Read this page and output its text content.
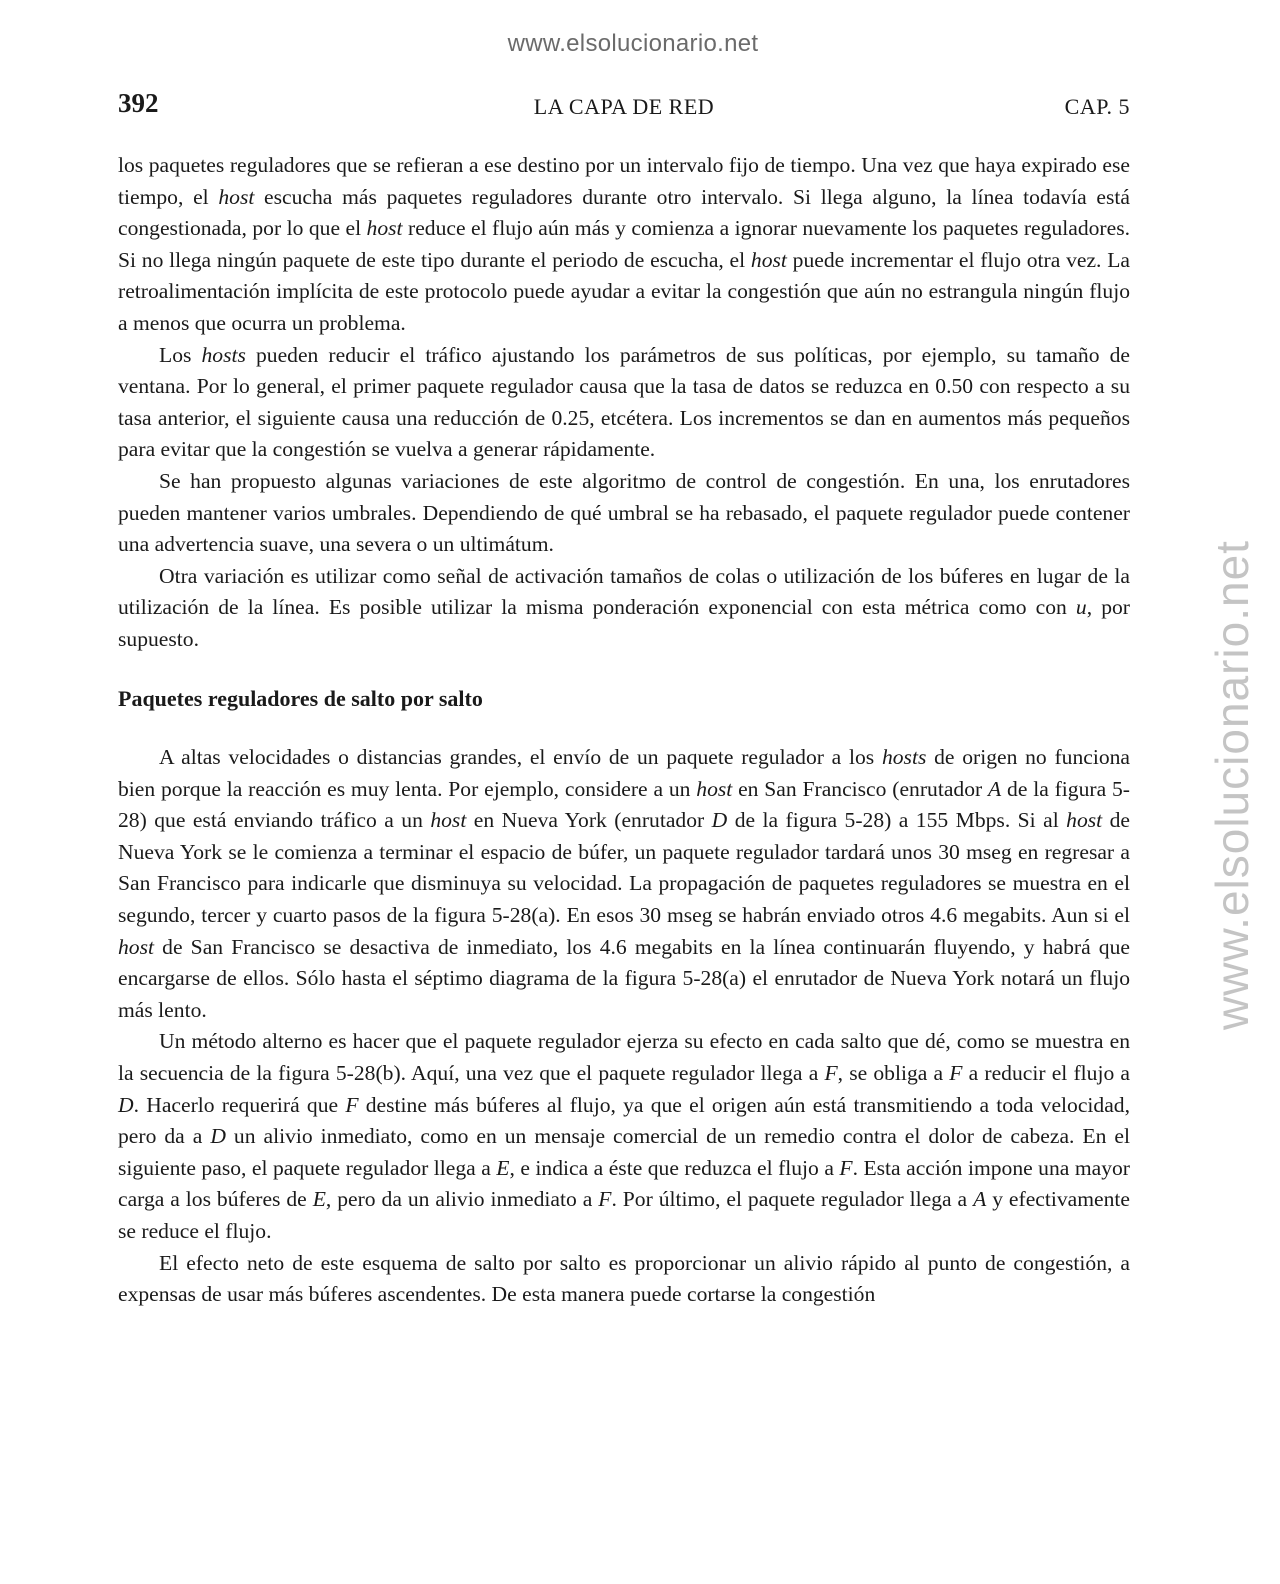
www.elsolucionario.net
www.elsolucionario.net
LA CAPA DE RED
392	CAP. 5

los paquetes reguladores que se refieran a ese destino por un intervalo fijo de tiempo. Una vez que haya expirado ese tiempo, el host escucha más paquetes reguladores durante otro intervalo. Si llega alguno, la línea todavía está congestionada, por lo que el host reduce el flujo aún más y comienza a ignorar nuevamente los paquetes reguladores. Si no llega ningún paquete de este tipo durante el periodo de escucha, el host puede incrementar el flujo otra vez. La retroalimentación implícita de este protocolo puede ayudar a evitar la congestión que aún no estrangula ningún flujo a menos que ocurra un problema.

Los hosts pueden reducir el tráfico ajustando los parámetros de sus políticas, por ejemplo, su tamaño de ventana. Por lo general, el primer paquete regulador causa que la tasa de datos se reduzca en 0.50 con respecto a su tasa anterior, el siguiente causa una reducción de 0.25, etcétera. Los incrementos se dan en aumentos más pequeños para evitar que la congestión se vuelva a generar rápidamente.

Se han propuesto algunas variaciones de este algoritmo de control de congestión. En una, los enrutadores pueden mantener varios umbrales. Dependiendo de qué umbral se ha rebasado, el paquete regulador puede contener una advertencia suave, una severa o un ultimátum.

Otra variación es utilizar como señal de activación tamaños de colas o utilización de los búferes en lugar de la utilización de la línea. Es posible utilizar la misma ponderación exponencial con esta métrica como con u, por supuesto.

Paquetes reguladores de salto por salto

A altas velocidades o distancias grandes, el envío de un paquete regulador a los hosts de origen no funciona bien porque la reacción es muy lenta. Por ejemplo, considere a un host en San Francisco (enrutador A de la figura 5-28) que está enviando tráfico a un host en Nueva York (enrutador D de la figura 5-28) a 155 Mbps. Si al host de Nueva York se le comienza a terminar el espacio de búfer, un paquete regulador tardará unos 30 mseg en regresar a San Francisco para indicarle que disminuya su velocidad. La propagación de paquetes reguladores se muestra en el segundo, tercer y cuarto pasos de la figura 5-28(a). En esos 30 mseg se habrán enviado otros 4.6 megabits. Aun si el host de San Francisco se desactiva de inmediato, los 4.6 megabits en la línea continuarán fluyendo, y habrá que encargarse de ellos. Sólo hasta el séptimo diagrama de la figura 5-28(a) el enrutador de Nueva York notará un flujo más lento.

Un método alterno es hacer que el paquete regulador ejerza su efecto en cada salto que dé, como se muestra en la secuencia de la figura 5-28(b). Aquí, una vez que el paquete regulador llega a F, se obliga a F a reducir el flujo a D. Hacerlo requerirá que F destine más búferes al flujo, ya que el origen aún está transmitiendo a toda velocidad, pero da a D un alivio inmediato, como en un mensaje comercial de un remedio contra el dolor de cabeza. En el siguiente paso, el paquete regulador llega a E, e indica a éste que reduzca el flujo a F. Esta acción impone una mayor carga a los búferes de E, pero da un alivio inmediato a F. Por último, el paquete regulador llega a A y efectivamente se reduce el flujo.

El efecto neto de este esquema de salto por salto es proporcionar un alivio rápido al punto de congestión, a expensas de usar más búferes ascendentes. De esta manera puede cortarse la congestión
